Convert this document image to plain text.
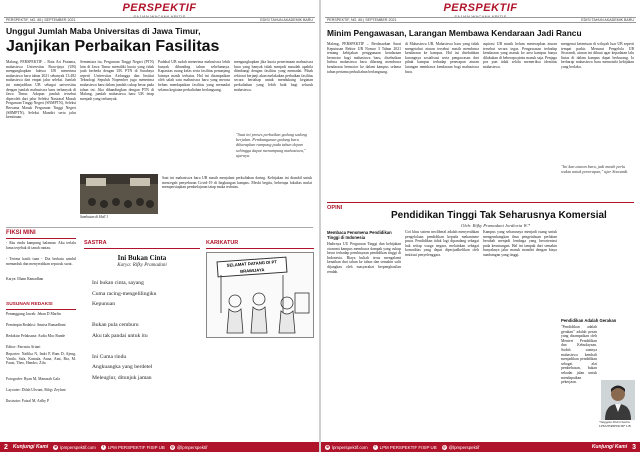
PERSPEKTIF
SAJIAN WACANA KRITIS
PERSPEKTIF, NO. 85 | SEPTEMBER 2021	EDISI TAHUN AKADEMIK BARU
Unggul Jumlah Maba Universitas di Jawa Timur,
Janjikan Perbaikan Fasilitas
Malang, PERSPEKTIF – Rata Ari Pratama, mahasiswa Universitas Brawijaya (UB) mengungkapkan bahwa UB menerima mahasiswa baru tahun 2021 sebanyak 13.482 mahasiswa dari empat jalur seleksi. Jumlah ini menjadikan UB sebagai universitas dengan jumlah mahasiswa baru terbanyak di Jawa Timur. Adapun jumlah tersebut diperoleh dari jalur Seleksi Nasional Masuk Perguruan Tinggi Negeri (SNMPTN), Seleksi Bersama Masuk Perguruan Tinggi Negeri (SBMPTN), Seleksi Mandiri serta jalur kemitraan.
Sementara itu, Perguruan Tinggi Negeri (PTN) lain di Jawa Timur memiliki kuota yang tidak jauh berbeda dengan UB. PTN di Surabaya seperti Universitas Airlangga dan Institut Teknologi Sepuluh Nopember juga menerima mahasiswa baru dalam jumlah cukup besar pada tahun ini. Jika dibandingkan dengan PTN di Malang, jumlah mahasiswa baru UB tetap menjadi yang terbanyak.
Padahal UB sudah menerima mahasiswa lebih banyak dibanding tahun sebelumnya. Kapasitas ruang kelas serta fasilitas penunjang lainnya masih terbatas. Hal ini disampaikan oleh salah satu mahasiswa baru yang merasa belum mendapatkan fasilitas yang memadai selama kegiatan perkuliahan berlangsung.
mengungkapkan jika kuota penerimaan mahasiswa baru yang banyak tidak menjadi masalah apabila diimbangi dengan fasilitas yang memadai. Pihak rektorat berjanji akan melakukan perbaikan fasilitas secara bertahap untuk mendukung kegiatan perkuliahan yang lebih baik bagi seluruh mahasiswa.
"Saat ini proses perbaikan gedung sedang berjalan. Pembangunan gedung baru diharapkan rampung pada tahun depan sehingga dapat menampung mahasiswa," ujarnya.
Sambutan di Hall 1
Saat ini mahasiswa baru UB masih menjalani perkuliahan daring. Kebijakan ini diambil untuk mencegah penyebaran Covid-19 di lingkungan kampus. Meski begitu, beberapa fakultas mulai mempersiapkan pembelajaran tatap muka terbatas.
FIKSI MINI
- Aku rindu kampung halaman. Aku terlalu lama terjebak di tanah rantau.
- Terima kasih tuan - Dia berkata sambil menunduk dan menyerahkan sepucuk surat.
Karya: Ilham Ramadhan
SUSUNAN REDAKSI
Penanggung Jawab: Jehan D Marlin
Pemimpin Redaksi: Annisa Ramadhani
Redaktur Pelaksana: Asdia Mac Rande
Editor: Farrasiu Ariani
Reporter: Nailiha N, Indri P, Ram D, Ajeng, Vanila, Safa, Kumala, Anna, Aini, Ria, M. Fauzi, Theo, Hendro, Zifa
Fotografer: Ryan M, Manasah Gala
Layouter: Difah Ulwani, Rifqy Zeylani
Ilustrator: Faisal M, Arfhy P
SASTRA
Ini Bukan Cinta
Karya: Rifky Pramadani
Ini bukan cinta, sayang
Cuma racing-mengelilingiku
Kepunuan
Bukan pula cemburu
Aku tak pandai untuk itu
Ini Cuma rindu
Angkuangka yang berdetel
Meleuglur, ditunjuk jaman
KARIKATUR
SELAMAT DATANG DI PT BRAWIJAYA
2 Kunjungi Kami	⊕ lpmperspektif.com	f LPM PERSPEKTIF FISIP UB ◎ @lpmperspektif
PERSPEKTIF
SAJIAN WACANA KRITIS
PERSPEKTIF, NO. 85 | SEPTEMBER 2021	EDISI TAHUN AKADEMIK BARU
Minim Pengawasan, Larangan Membawa Kendaraan Jadi Rancu
Malang, PERSPEKTIF – Berdasarkan Surat Keputusan Rektor UB Nomor 3 Tahun 2021 tentang kebijakan penggunaan kendaraan bermotor bagi mahasiswa baru, disebutkan bahwa mahasiswa baru dilarang membawa kendaraan bermotor ke dalam kampus selama tahun pertama perkuliahan berlangsung.
di Mahasiswa UB. Mahasiswa baru yang tidak mengetahui aturan tersebut masih membawa kendaraan ke kampus. Hal ini disebabkan kurangnya sosialisasi serta pengawasan dari pihak kampus terhadap penerapan aturan larangan membawa kendaraan bagi mahasiswa baru.
aspirasi UB masih belum menerapkan aturan tersebut secara tegas. Pengawasan terhadap kendaraan yang masuk ke area kampus hanya dilakukan di beberapa pintu masuk saja. Penjaga pos pun tidak selalu memeriksa identitas mahasiswa.
mengenai ketentuan di wilayah luar UB seperti tempat parkir. Menurut Pengelola UB Siswandi, aturan ini dibuat agar kepadatan lalu lintas di dalam kampus dapat berkurang. Ia berharap mahasiswa baru mematuhi kebijakan yang berlaku.
"Ini kan aturan baru, jadi masih perlu waktu untuk penerapan," ujar Siswandi.
OPINI
Pendidikan Tinggi Tak Seharusnya Komersial
Oleh: Rifky Pramadani Jordiorta W.*
Membaca Fenomena Pendidikan Tinggi di Indonesia
Hadirnya UU Perguruan Tinggi dan kebijakan otonomi kampus membawa dampak yang cukup besar terhadap pembiayaan pendidikan tinggi di Indonesia. Biaya kuliah terus mengalami kenaikan dari tahun ke tahun dan semakin sulit dijangkau oleh masyarakat berpenghasilan rendah.
Ciri khas sistem neoliberal adalah menyerahkan pengelolaan pendidikan kepada mekanisme pasar. Pendidikan tidak lagi dipandang sebagai hak setiap warga negara, melainkan sebagai komoditas yang dapat diperjualbelikan oleh institusi penyelenggara.
Kampus yang seharusnya menjadi ruang untuk mengembangkan ilmu pengetahuan perlahan berubah menjadi lembaga yang berorientasi pada keuntungan. Hal ini tampak dari semakin banyaknya jalur masuk mandiri dengan biaya sumbangan yang tinggi.
Pendidikan Adalah Gerakan
"Pendidikan adalah gerakan" adalah pesan yang disampaikan oleh Menteri Pendidikan dan Kebudayaan. Sudah saatnya mahasiswa kembali menjadikan pendidikan sebagai alat pembebasan, bukan sekadar jalan untuk mendapatkan pekerjaan.
*Anggota Divisi Sastra LPM PERSPEKTIF UB
⊕ lpmperspektif.com	f LPM PERSPEKTIF FISIP UB ◎ @lpmperspektif	Kunjungi Kami 3
